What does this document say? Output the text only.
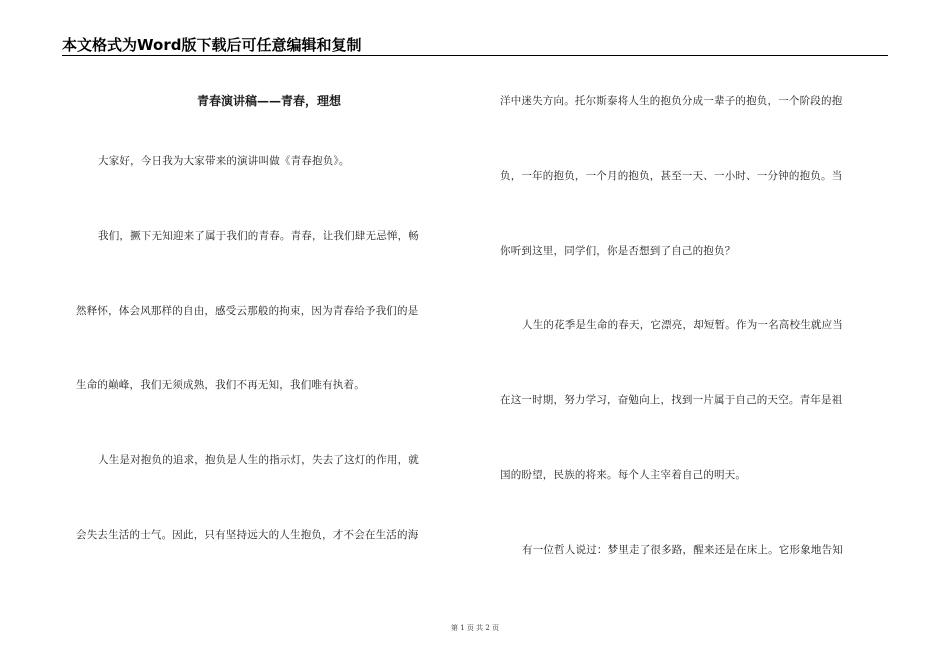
本文格式为Word版下载后可任意编辑和复制
青春演讲稿——青春，理想
大家好，今日我为大家带来的演讲叫做《青春抱负》。
我们，撅下无知迎来了属于我们的青春。青春，让我们肆无忌惮，畅
然释怀，体会风那样的自由，感受云那般的拘束，因为青春给予我们的是
生命的巅峰，我们无须成熟，我们不再无知，我们唯有执着。
人生是对抱负的追求，抱负是人生的指示灯，失去了这灯的作用，就
会失去生活的士气。因此，只有坚持远大的人生抱负，才不会在生活的海
洋中迷失方向。托尔斯泰将人生的抱负分成一辈子的抱负，一个阶段的抱
负，一年的抱负，一个月的抱负，甚至一天、一小时、一分钟的抱负。当
你听到这里，同学们，你是否想到了自己的抱负？
人生的花季是生命的春天，它漂亮，却短暂。作为一名高校生就应当
在这一时期，努力学习，奋勉向上，找到一片属于自己的天空。青年是祖
国的盼望，民族的将来。每个人主宰着自己的明天。
有一位哲人说过：梦里走了很多路，醒来还是在床上。它形象地告知
第 1 页 共 2 页
